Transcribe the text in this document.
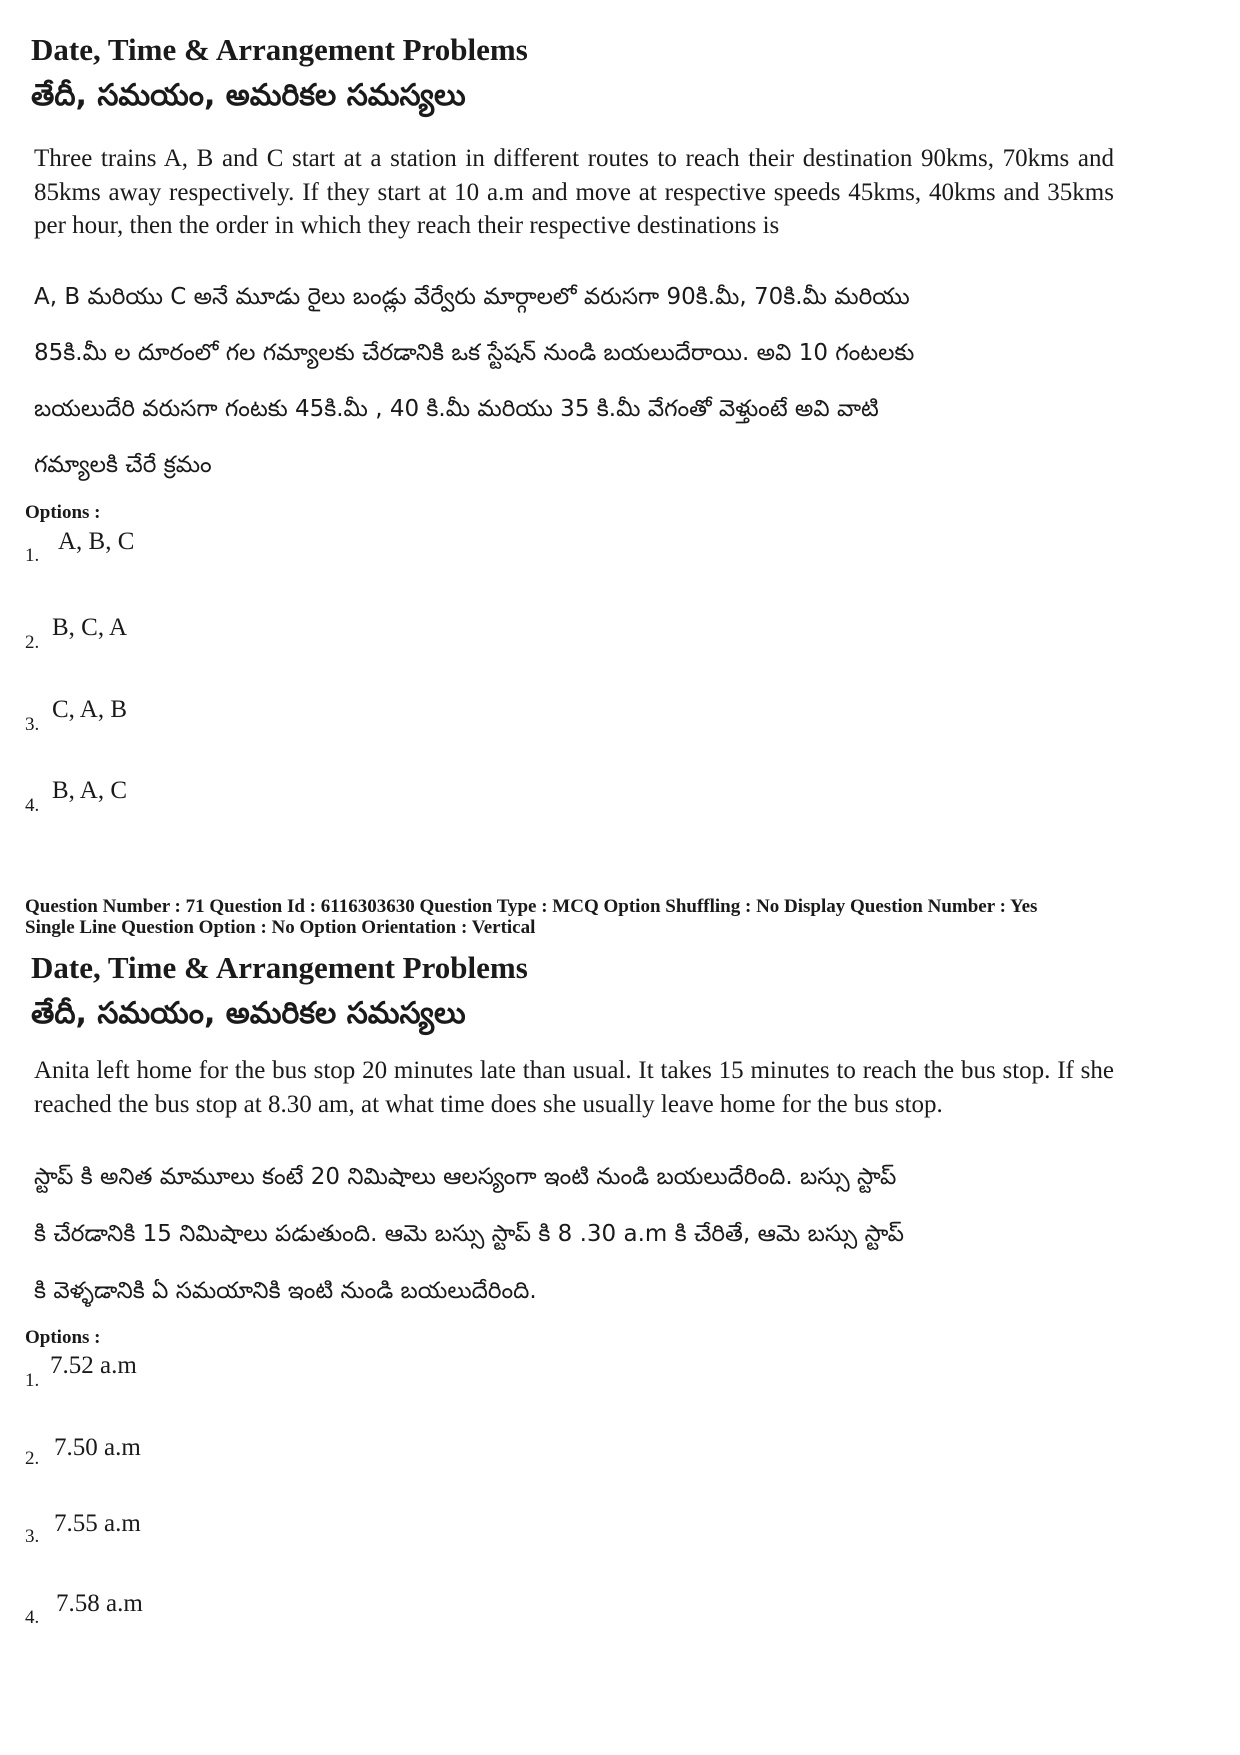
Date, Time & Arrangement Problems
తేదీ, సమయం, అమరికల సమస్యలు
Three trains A, B and C start at a station in different routes to reach their destination 90kms, 70kms and 85kms away respectively. If they start at 10 a.m and move at respective speeds 45kms, 40kms and 35kms per hour, then the order in which they reach their respective destinations is
A, B మరియు C అనే మూడు రైలు బండ్లు వేర్వేరు మార్గాలలో వరుసగా 90కి.మీ, 70కి.మీ మరియు
85కి.మీ ల దూరంలో గల గమ్యాలకు చేరడానికి ఒక స్టేషన్ నుండి బయలుదేరాయి. అవి 10 గంటలకు
బయలుదేరి వరుసగా గంటకు 45కి.మీ , 40 కి.మీ మరియు 35 కి.మీ వేగంతో వెళ్తుంటే అవి వాటి
గమ్యాలకి చేరే క్రమం
Options :
1.
A, B, C
2.
B, C, A
3.
C, A, B
4.
B, A, C
Question Number : 71 Question Id : 6116303630 Question Type : MCQ Option Shuffling : No Display Question Number : Yes
Single Line Question Option : No Option Orientation : Vertical
Date, Time & Arrangement Problems
తేదీ, సమయం, అమరికల సమస్యలు
Anita left home for the bus stop 20 minutes late than usual. It takes 15 minutes to reach the bus stop. If she reached the bus stop at 8.30 am, at what time does she usually leave home for the bus stop.
స్టాప్ కి అనిత మామూలు కంటే 20 నిమిషాలు ఆలస్యంగా ఇంటి నుండి బయలుదేరింది. బస్సు స్టాప్
కి చేరడానికి 15 నిమిషాలు పడుతుంది. ఆమె బస్సు స్టాప్ కి 8 .30 a.m కి చేరితే, ఆమె బస్సు స్టాప్
కి వెళ్ళడానికి ఏ సమయానికి ఇంటి నుండి బయలుదేరింది.
Options :
1.
7.52 a.m
2. 7.50 a.m
3. 7.55 a.m
4.
7.58 a.m
